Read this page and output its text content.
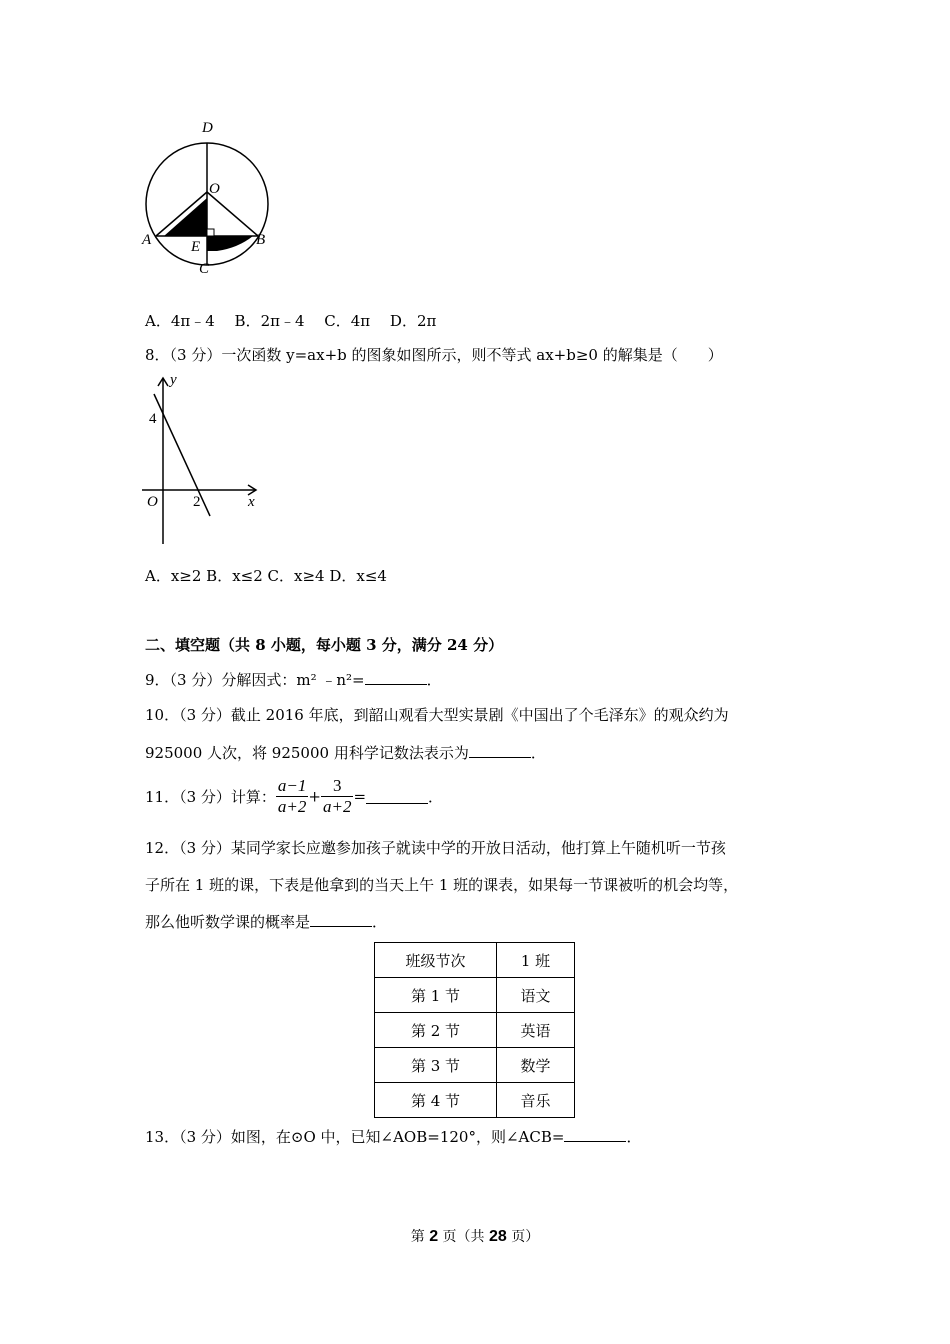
D
O
A	E	B
C
A．4π﹣4　 B．2π﹣4　 C．4π　 D．2π
8．（3 分）一次函数 y=ax+b 的图象如图所示，则不等式 ax+b≥0 的解集是（　　）
y
x
O
4
2
A．x≥2 B．x≤2 C．x≥4 D．x≤4
二、填空题（共 8 小题，每小题 3 分，满分 24 分）
9．（3 分）分解因式：m² ﹣n²=	．
10．（3 分）截止 2016 年底，到韶山观看大型实景剧《中国出了个毛泽东》的观众约为
925000 人次，将 925000 用科学记数法表示为	．
11．（3 分）计算： $\frac{a-1}{a+2} + \frac{3}{a+2}$ =	．
12．（3 分）某同学家长应邀参加孩子就读中学的开放日活动，他打算上午随机听一节孩
子所在 1 班的课，下表是他拿到的当天上午 1 班的课表，如果每一节课被听的机会均等，
那么他听数学课的概率是	．
班级节次	1 班
第 1 节	语文
第 2 节	英语
第 3 节	数学
第 4 节	音乐
13．（3 分）如图，在⊙O 中，已知∠AOB=120°，则∠ACB=	．
第 2 页（共 28 页）
